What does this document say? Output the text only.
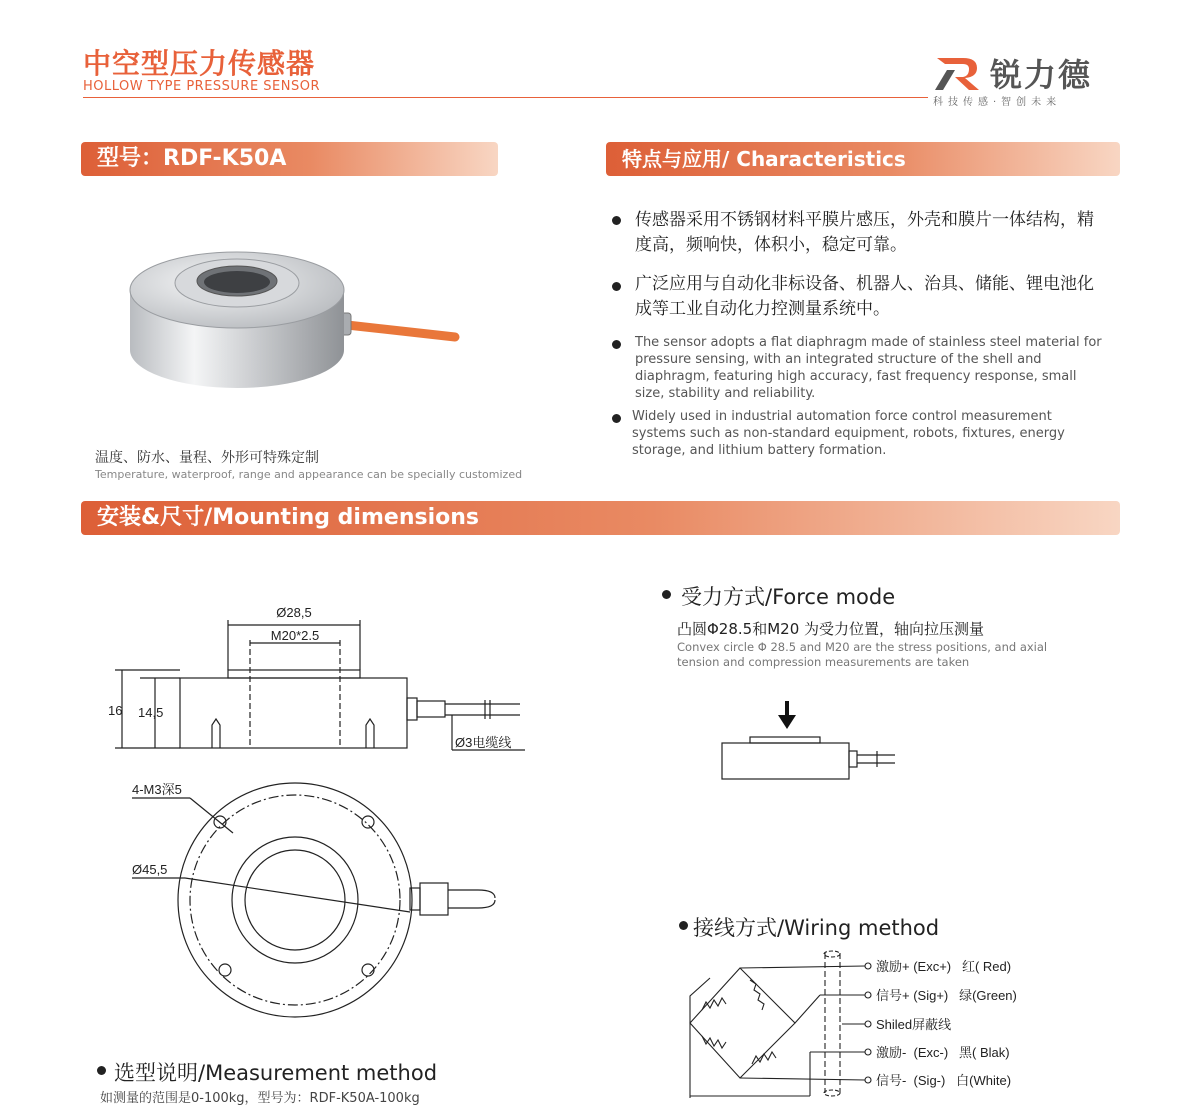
中空型压力传感器
HOLLOW TYPE PRESSURE SENSOR	锐力德
科技传感·智创未来
型号：RDF-K50A
温度、防水、量程、外形可特殊定制
Temperature, waterproof, range and appearance can be specially customized
特点与应用/ Characteristics
传感器采用不锈钢材料平膜片感压，外壳和膜片一体结构，精度高，频响快，体积小，稳定可靠。
广泛应用与自动化非标设备、机器人、治具、储能、锂电池化成等工业自动化力控测量系统中。
The sensor adopts a flat diaphragm made of stainless steel material for pressure sensing, with an integrated structure of the shell and diaphragm, featuring high accuracy, fast frequency response, small size, stability and reliability.
Widely used in industrial automation force control measurement systems such as non-standard equipment, robots, fixtures, energy storage, and lithium battery formation.
安装&尺寸/Mounting dimensions
Ø28,5
M20*2.5
16 14,5
Ø3电缆线
4-M3深5
Ø45,5
受力方式/Force mode
凸圆Φ28.5和M20 为受力位置，轴向拉压测量
Convex circle Φ 28.5 and M20 are the stress positions, and axial tension and compression measurements are taken
接线方式/Wiring method
激励+ (Exc+)   红( Red)
信号+ (Sig+)   绿(Green)
Shiled屏蔽线
激励-  (Exc-)   黑( Blak)
信号-  (Sig-)   白(White)
选型说明/Measurement method
如测量的范围是0-100kg，型号为：RDF-K50A-100kg
